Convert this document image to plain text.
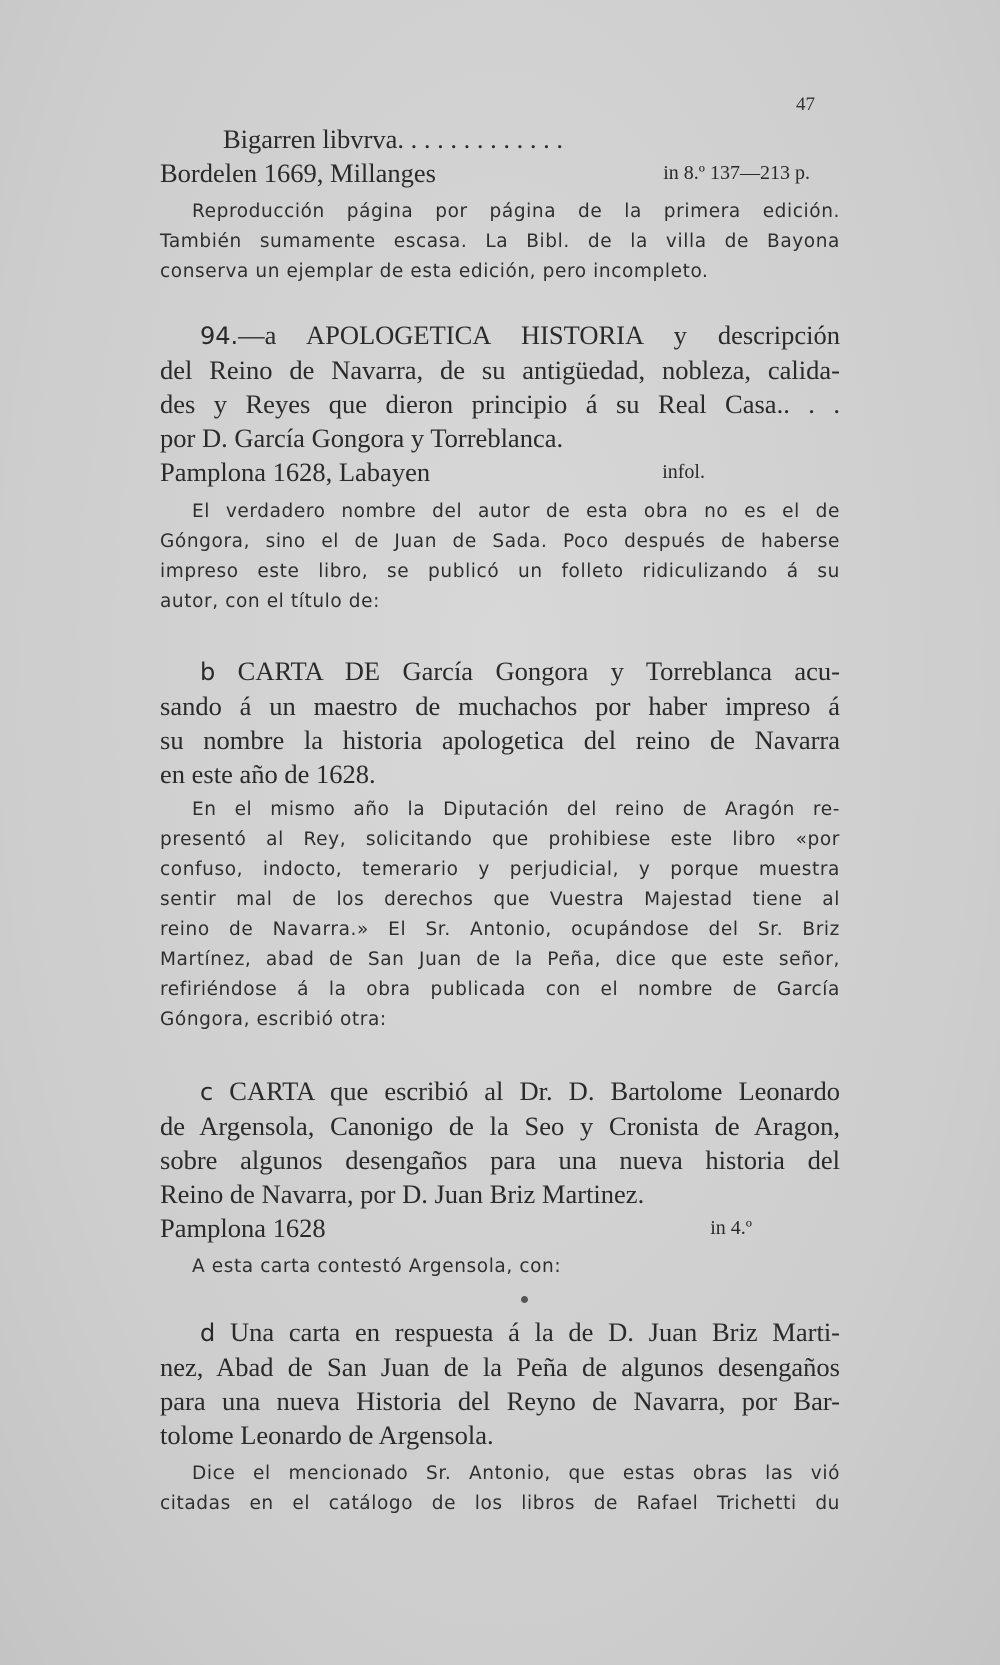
47
Bigarren libvrva. . . . . . . . . . . . .
Bordelen 1669, Millanges	in 8.º 137—213 p.
Reproducción página por página de la primera edición.
También sumamente escasa. La Bibl. de la villa de Bayona
conserva un ejemplar de esta edición, pero incompleto.
94.—a APOLOGETICA HISTORIA y descripción
del Reino de Navarra, de su antigüedad, nobleza, calida-
des y Reyes que dieron principio á su Real Casa.. . .
por D. García Gongora y Torreblanca.
Pamplona 1628, Labayen	infol.
El verdadero nombre del autor de esta obra no es el de
Góngora, sino el de Juan de Sada. Poco después de haberse
impreso este libro, se publicó un folleto ridiculizando á su
autor, con el título de:
b CARTA DE García Gongora y Torreblanca acu-
sando á un maestro de muchachos por haber impreso á
su nombre la historia apologetica del reino de Navarra
en este año de 1628.
En el mismo año la Diputación del reino de Aragón re-
presentó al Rey, solicitando que prohibiese este libro «por
confuso, indocto, temerario y perjudicial, y porque muestra
sentir mal de los derechos que Vuestra Majestad tiene al
reino de Navarra.» El Sr. Antonio, ocupándose del Sr. Briz
Martínez, abad de San Juan de la Peña, dice que este señor,
refiriéndose á la obra publicada con el nombre de García
Góngora, escribió otra:
c CARTA que escribió al Dr. D. Bartolome Leonardo
de Argensola, Canonigo de la Seo y Cronista de Aragon,
sobre algunos desengaños para una nueva historia del
Reino de Navarra, por D. Juan Briz Martinez.
Pamplona 1628	in 4.º
A esta carta contestó Argensola, con:
d Una carta en respuesta á la de D. Juan Briz Marti-
nez, Abad de San Juan de la Peña de algunos desengaños
para una nueva Historia del Reyno de Navarra, por Bar-
tolome Leonardo de Argensola.
Dice el mencionado Sr. Antonio, que estas obras las vió
citadas en el catálogo de los libros de Rafael Trichetti du
